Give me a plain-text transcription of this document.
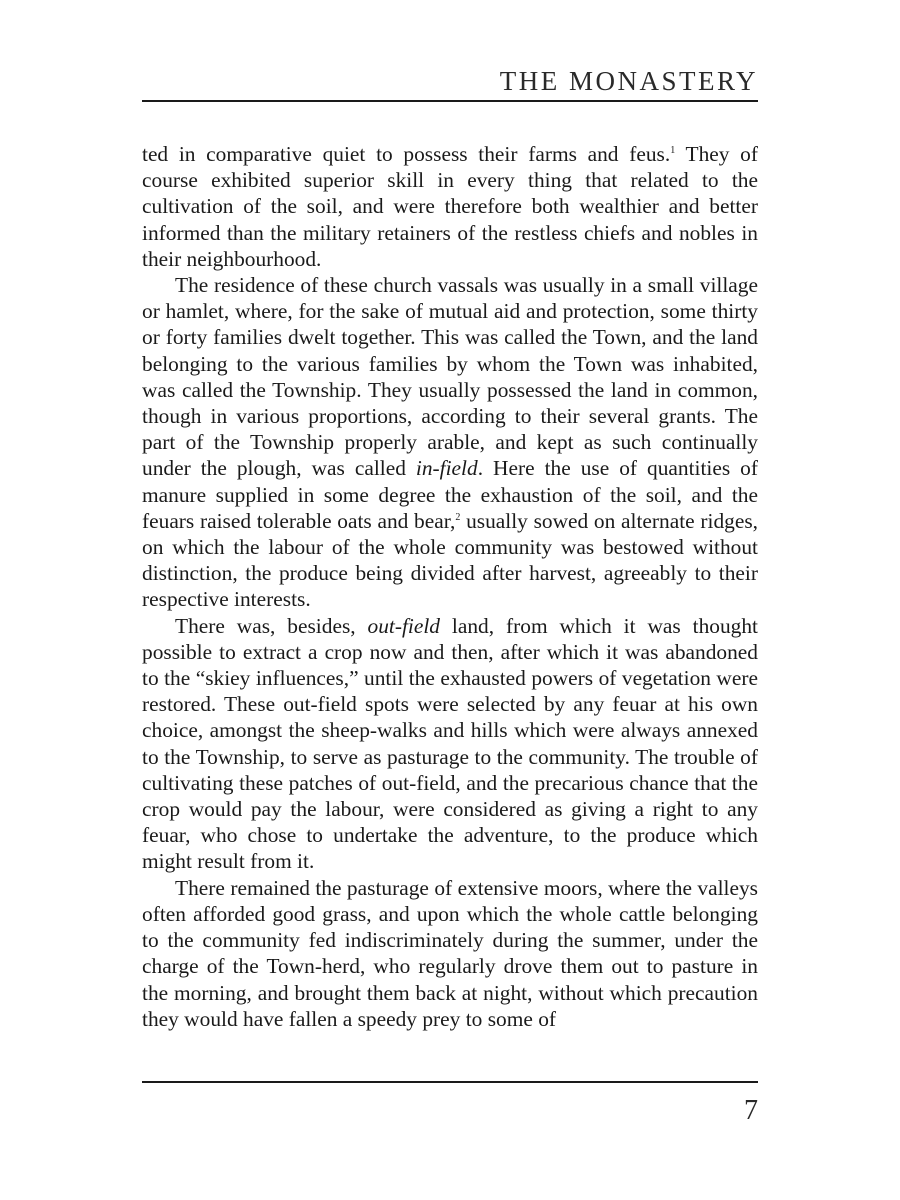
THE MONASTERY

ted in comparative quiet to possess their farms and feus.$^1$ They of course exhibited superior skill in every thing that related to the cultivation of the soil, and were therefore both wealthier and better informed than the military retainers of the restless chiefs and nobles in their neighbourhood.

The residence of these church vassals was usually in a small village or hamlet, where, for the sake of mutual aid and protection, some thirty or forty families dwelt together. This was called the Town, and the land belonging to the various families by whom the Town was inhabited, was called the Township. They usually possessed the land in common, though in various proportions, according to their several grants. The part of the Township properly arable, and kept as such continually under the plough, was called in-field. Here the use of quantities of manure supplied in some degree the exhaustion of the soil, and the feuars raised tolerable oats and bear,$^2$ usually sowed on alternate ridges, on which the labour of the whole community was bestowed without distinction, the produce being divided after harvest, agreeably to their respective interests.

There was, besides, out-field land, from which it was thought possible to extract a crop now and then, after which it was abandoned to the “skiey influences,” until the exhausted powers of vegetation were restored. These out-field spots were selected by any feuar at his own choice, amongst the sheep-walks and hills which were always annexed to the Township, to serve as pasturage to the community. The trouble of cultivating these patches of out-field, and the precarious chance that the crop would pay the labour, were considered as giving a right to any feuar, who chose to undertake the adventure, to the produce which might result from it.

There remained the pasturage of extensive moors, where the valleys often afforded good grass, and upon which the whole cattle belonging to the community fed indiscriminately during the summer, under the charge of the Town-herd, who regularly drove them out to pasture in the morning, and brought them back at night, without which precaution they would have fallen a speedy prey to some of

7
